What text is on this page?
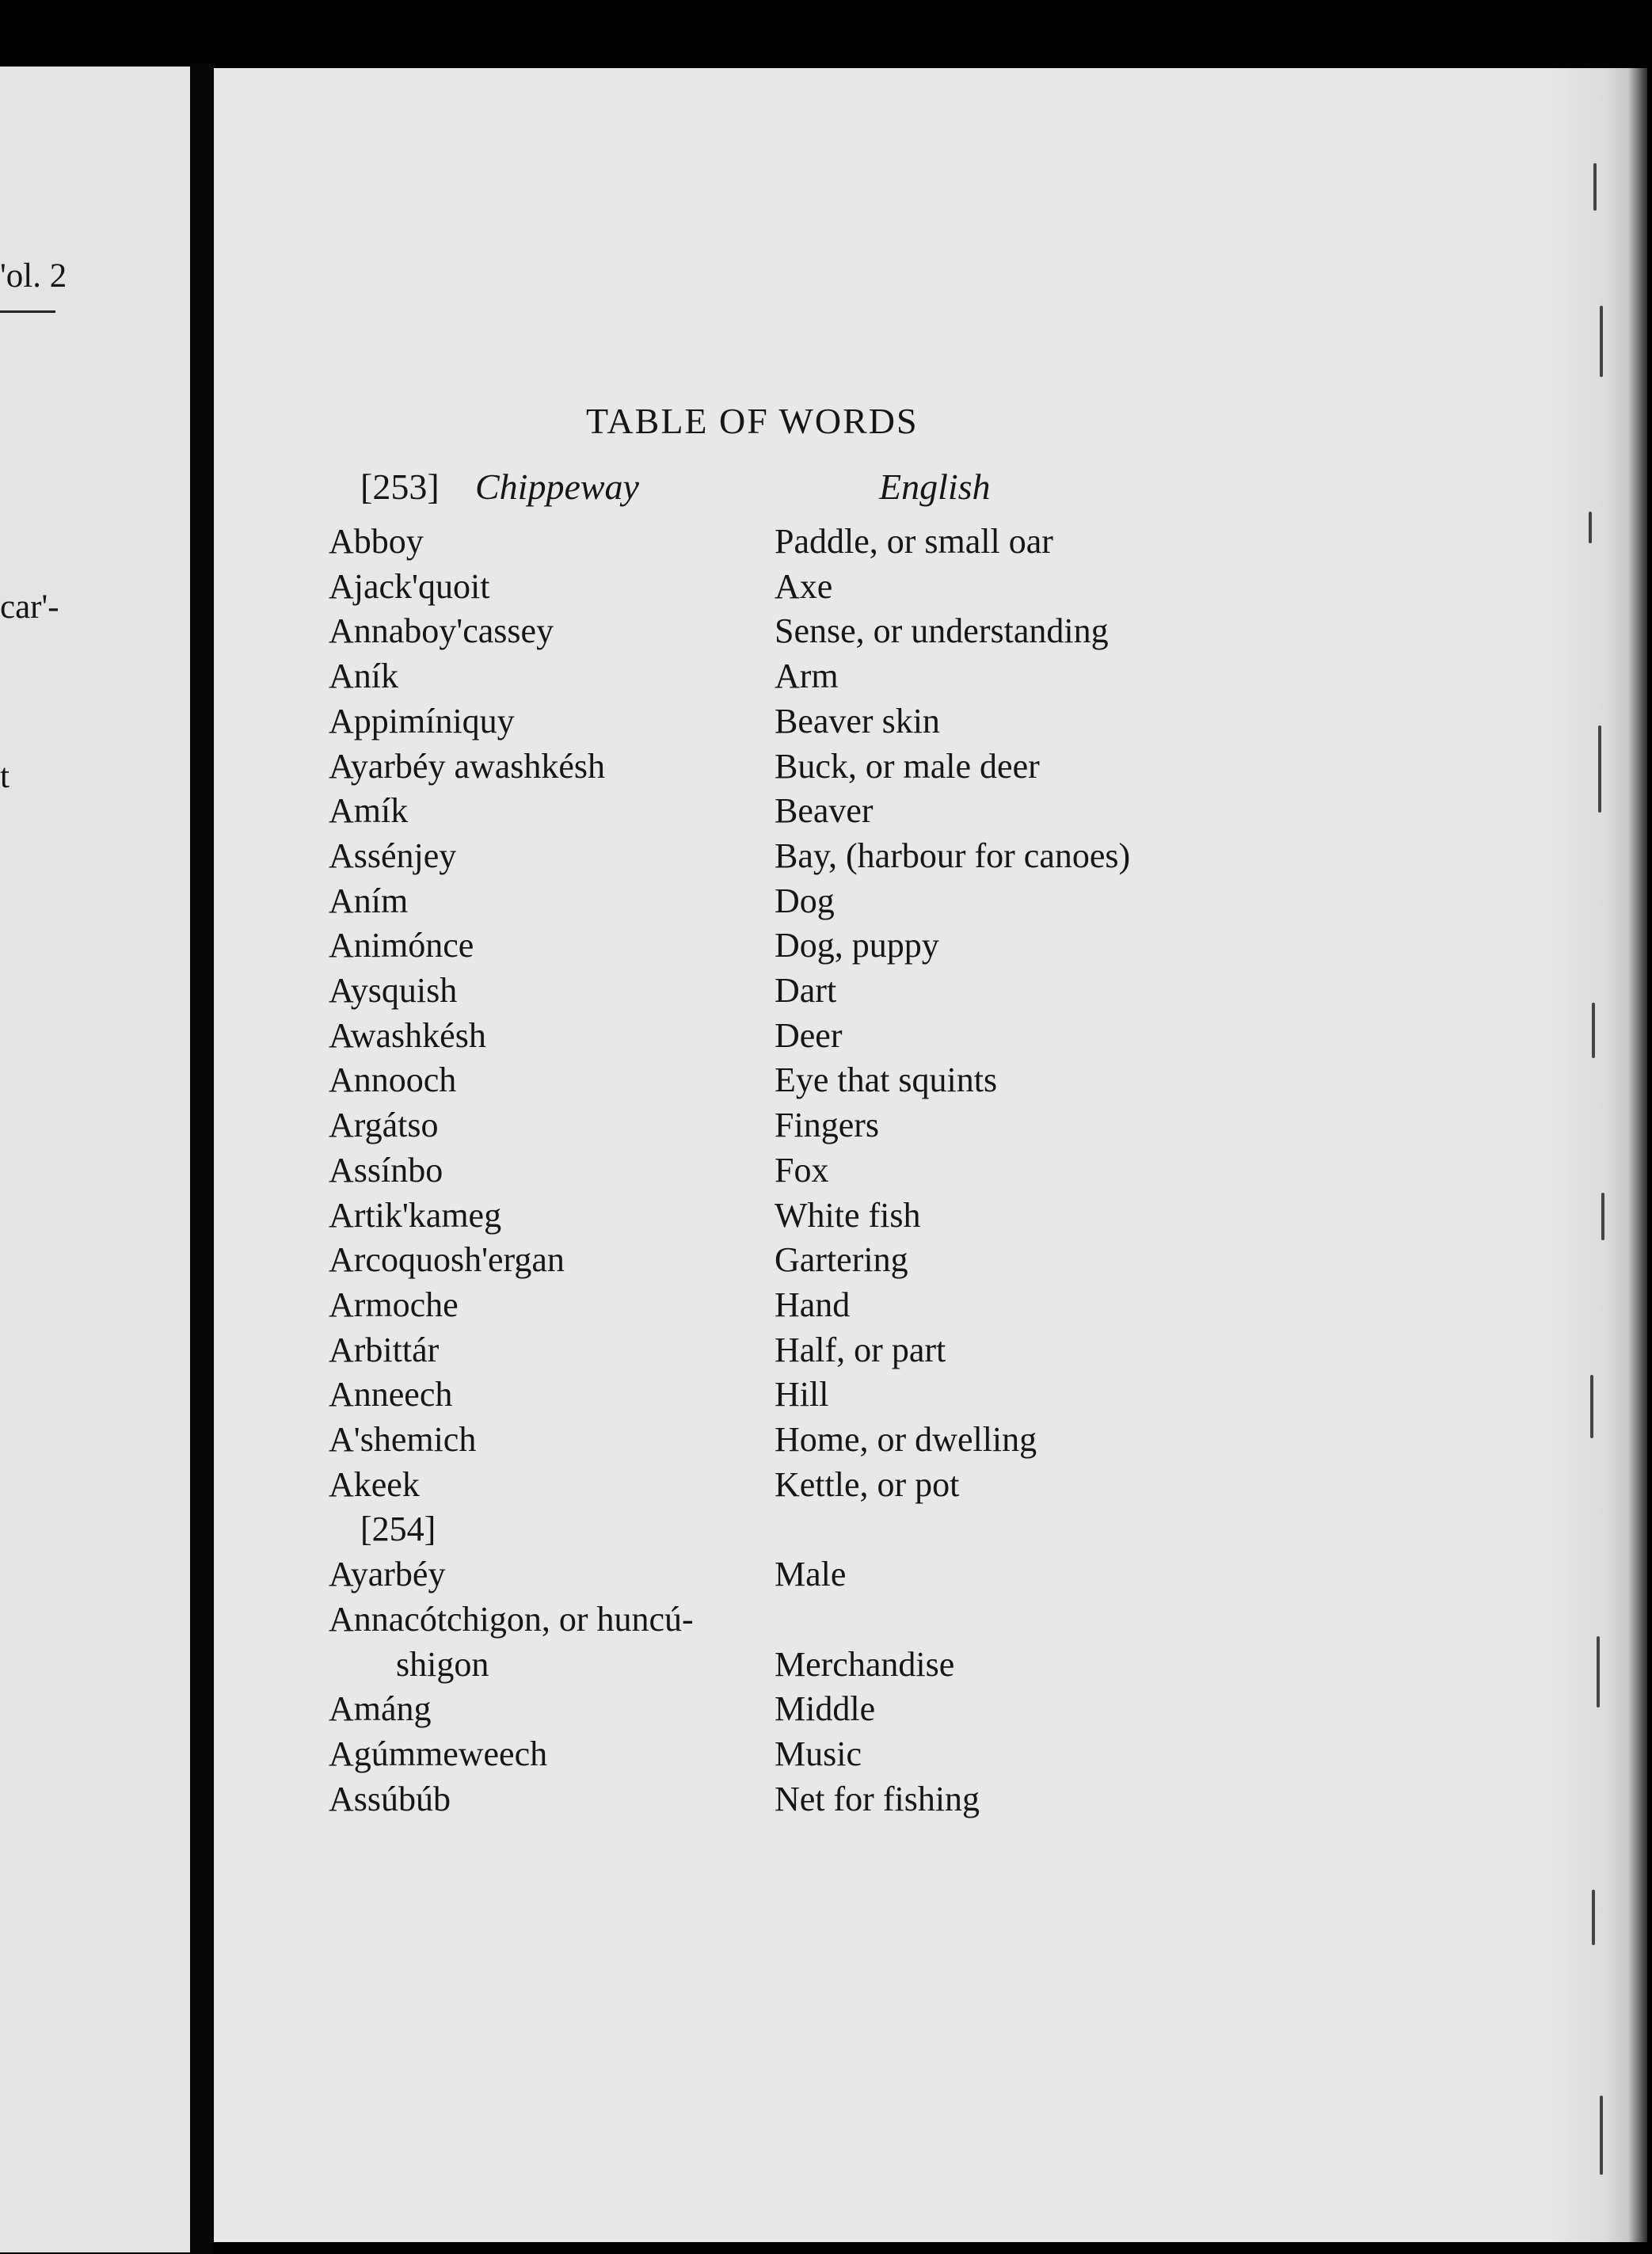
'ol. 2
car'-
t
TABLE OF WORDS
[253] Chippeway	English
Abboy	Paddle, or small oar
Ajack'quoit	Axe
Annaboy'cassey	Sense, or understanding
Aník	Arm
Appimíniquy	Beaver skin
Ayarbéy awashkésh	Buck, or male deer
Amík	Beaver
Assénjey	Bay, (harbour for canoes)
Aním	Dog
Animónce	Dog, puppy
Aysquish	Dart
Awashkésh	Deer
Annooch	Eye that squints
Argátso	Fingers
Assínbo	Fox
Artik'kameg	White fish
Arcoquosh'ergan	Gartering
Armoche	Hand
Arbittár	Half, or part
Anneech	Hill
A'shemich	Home, or dwelling
Akeek	Kettle, or pot
[254]
Ayarbéy	Male
Annacótchigon, or huncú-
shigon	Merchandise
Amáng	Middle
Agúmmeweech	Music
Assúbúb	Net for fishing
